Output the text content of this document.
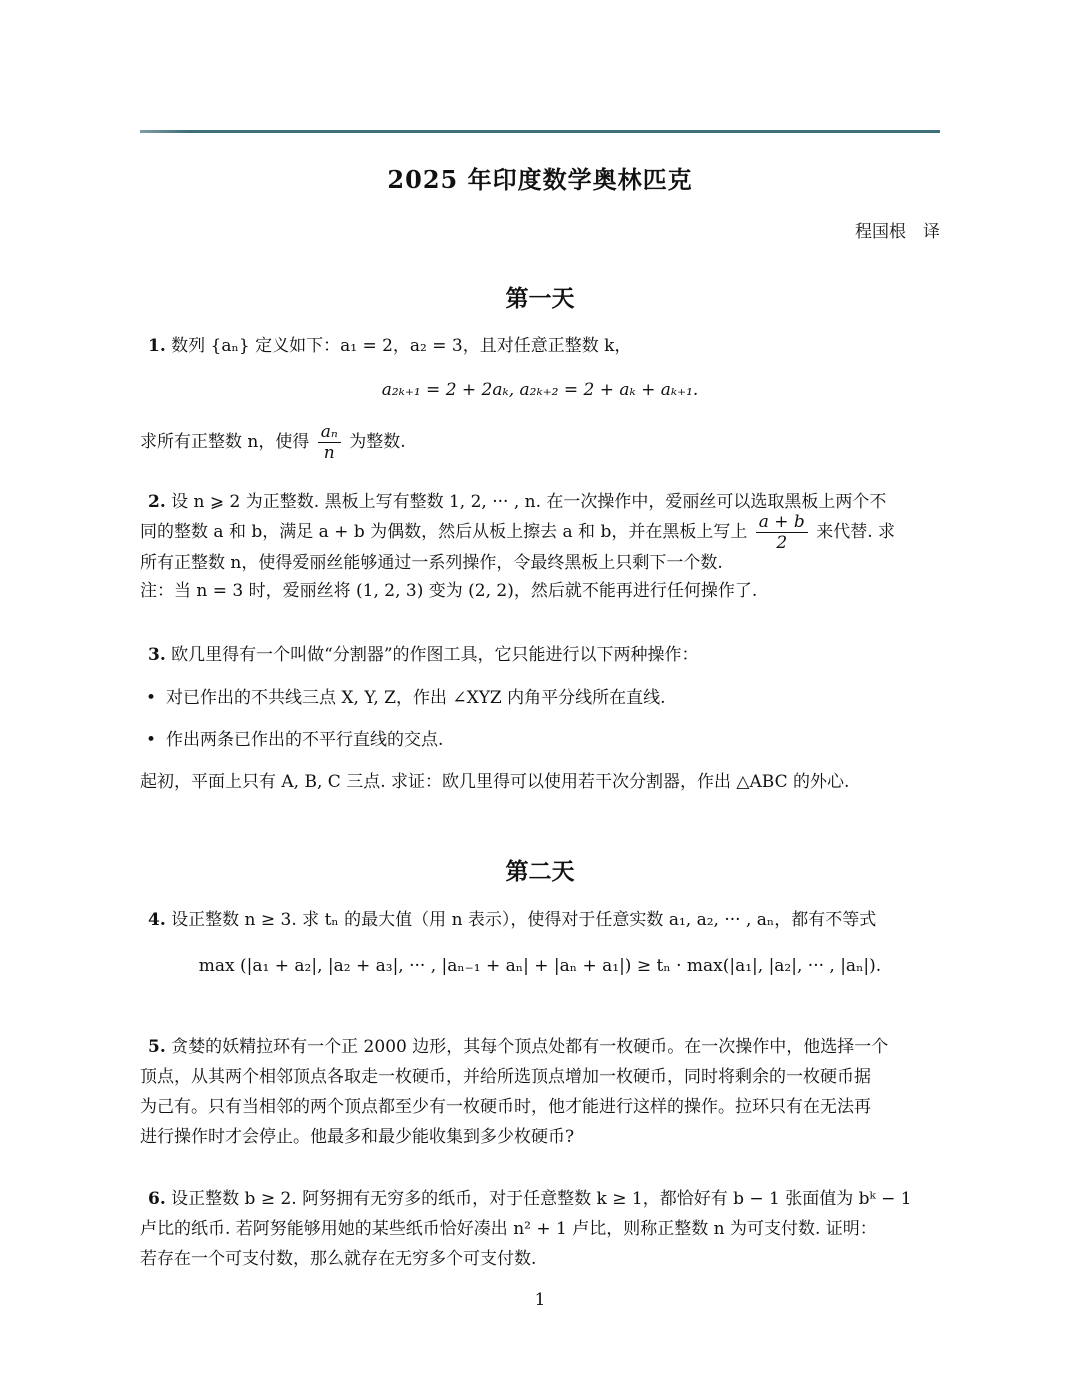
2025 年印度数学奥林匹克
程国根　译
第一天
1. 数列 {aₙ} 定义如下：a₁ = 2，a₂ = 3，且对任意正整数 k，
a₂ₖ₊₁ = 2 + 2aₖ, a₂ₖ₊₂ = 2 + aₖ + aₖ₊₁.
求所有正整数 n，使得 $\frac{\text{aₙ}}{n}$ 为整数.
2. 设 n ⩾ 2 为正整数. 黑板上写有整数 1, 2, ··· , n. 在一次操作中，爱丽丝可以选取黑板上两个不
同的整数 a 和 b，满足 a + b 为偶数，然后从板上擦去 a 和 b，并在黑板上写上 $\frac{a + b}{2}$ 来代替. 求
所有正整数 n，使得爱丽丝能够通过一系列操作，令最终黑板上只剩下一个数.
注：当 n = 3 时，爱丽丝将 (1, 2, 3) 变为 (2, 2)，然后就不能再进行任何操作了.
3. 欧几里得有一个叫做“分割器”的作图工具，它只能进行以下两种操作：
• 对已作出的不共线三点 X, Y, Z，作出 ∠XYZ 内角平分线所在直线.
• 作出两条已作出的不平行直线的交点.
起初，平面上只有 A, B, C 三点. 求证：欧几里得可以使用若干次分割器，作出 △ABC 的外心.
第二天
4. 设正整数 n ≥ 3. 求 tₙ 的最大值（用 n 表示），使得对于任意实数 a₁, a₂, ··· , aₙ，都有不等式
max (|a₁ + a₂|, |a₂ + a₃|, ··· , |aₙ₋₁ + aₙ| + |aₙ + a₁|) ≥ tₙ · max(|a₁|, |a₂|, ··· , |aₙ|).
5. 贪婪的妖精拉环有一个正 2000 边形，其每个顶点处都有一枚硬币。在一次操作中，他选择一个
顶点，从其两个相邻顶点各取走一枚硬币，并给所选顶点增加一枚硬币，同时将剩余的一枚硬币据
为己有。只有当相邻的两个顶点都至少有一枚硬币时，他才能进行这样的操作。拉环只有在无法再
进行操作时才会停止。他最多和最少能收集到多少枚硬币?
6. 设正整数 b ≥ 2. 阿努拥有无穷多的纸币，对于任意整数 k ≥ 1，都恰好有 b − 1 张面值为 bᵏ − 1
卢比的纸币. 若阿努能够用她的某些纸币恰好凑出 n² + 1 卢比，则称正整数 n 为可支付数. 证明：
若存在一个可支付数，那么就存在无穷多个可支付数.
1
